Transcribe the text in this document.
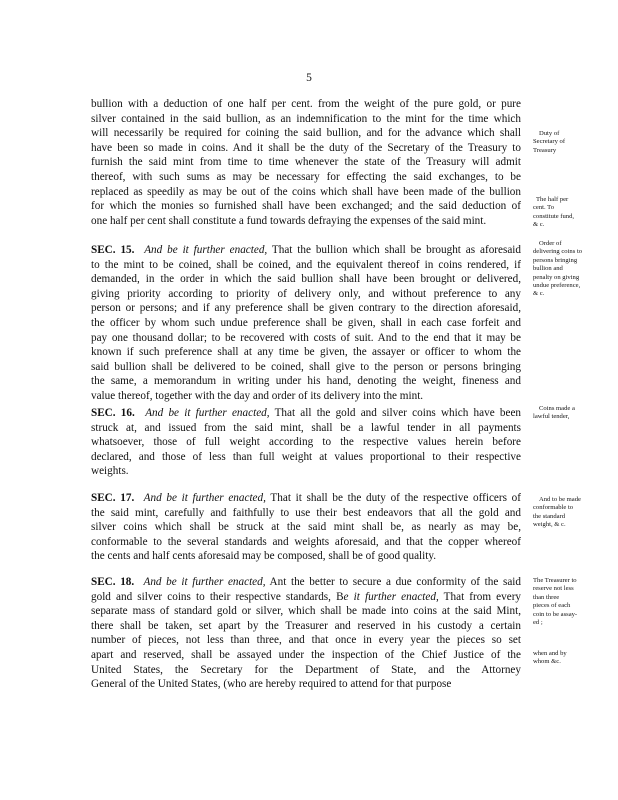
5
bullion with a deduction of one half per cent. from the weight of the pure gold, or pure
silver contained in the said bullion, as an indemnification to the mint for the time which
will necessarily be required for coining the said bullion, and for the advance which shall
have been so made in coins. And it shall be the duty of the Secretary of the Treasury to
furnish the said mint from time to time whenever the state of the Treasury will admit
thereof, with such sums as may be necessary for effecting the said exchanges, to be
replaced as speedily as may be out of the coins which shall have been made of the bullion
for which the monies so furnished shall have been exchanged; and the said deduction of
one half per cent shall constitute a fund towards defraying the expenses of the said mint.
SEC. 15. And be it further enacted, That the bullion which shall be brought as aforesaid
to the mint to be coined, shall be coined, and the equivalent thereof in coins rendered, if
demanded, in the order in which the said bullion shall have been brought or delivered,
giving priority according to priority of delivery only, and without preference to any
person or persons; and if any preference shall be given contrary to the direction aforesaid,
the officer by whom such undue preference shall be given, shall in each case forfeit and
pay one thousand dollar; to be recovered with costs of suit. And to the end that it may be
known if such preference shall at any time be given, the assayer or officer to whom the
said bullion shall be delivered to be coined, shall give to the person or persons bringing
the same, a memorandum in writing under his hand, denoting the weight, fineness and
value thereof, together with the day and order of its delivery into the mint.
SEC. 16. And be it further enacted, That all the gold and silver coins which have been
struck at, and issued from the said mint, shall be a lawful tender in all payments
whatsoever, those of full weight according to the respective values herein before
declared, and those of less than full weight at values proportional to their respective
weights.
SEC. 17. And be it further enacted, That it shall be the duty of the respective officers of
the said mint, carefully and faithfully to use their best endeavors that all the gold and
silver coins which shall be struck at the said mint shall be, as nearly as may be,
conformable to the several standards and weights aforesaid, and that the copper whereof
the cents and half cents aforesaid may be composed, shall be of good quality.
SEC. 18. And be it further enacted, Ant the better to secure a due conformity of the said
gold and silver coins to their respective standards, Be it further enacted, That from every
separate mass of standard gold or silver, which shall be made into coins at the said Mint,
there shall be taken, set apart by the Treasurer and reserved in his custody a certain
number of pieces, not less than three, and that once in every year the pieces so set
apart and reserved, shall be assayed under the inspection of the Chief Justice of the
United States, the Secretary for the Department of State, and the Attorney
General of the United States, (who are hereby required to attend for that purpose
Duty of
Secretary of
Treasury
The half per
cent. To
constitute fund,
& c.
Order of
delivering coins to
persons bringing
bullion and
penalty on giving
undue preference,
& c.
Coins made a
lawful tender,
And to be made
conformable to
the standard
weight, & c.
The Treasurer to
reserve not less
than three
pieces of each
coin to be assay-
ed ;
when and by
whom &c.
